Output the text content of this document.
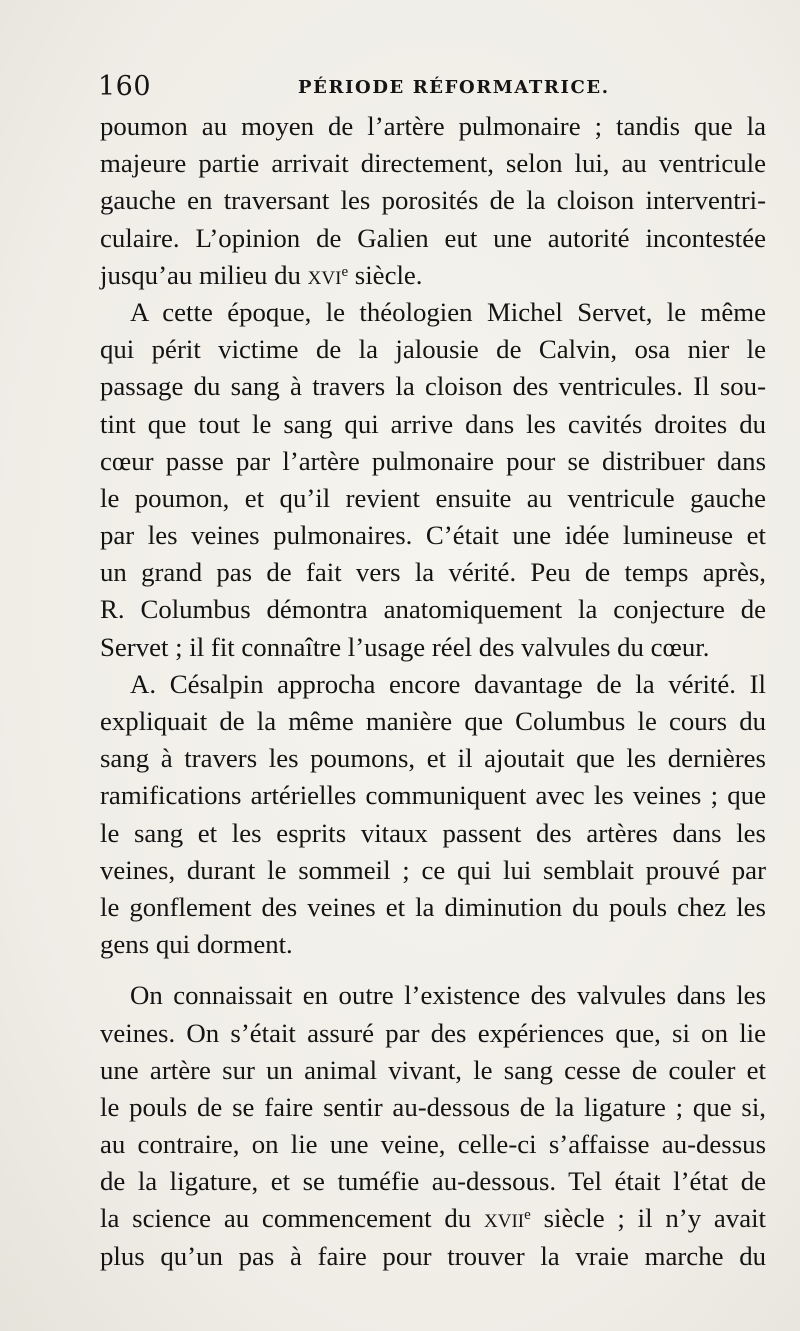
160	PÉRIODE RÉFORMATRICE.
poumon au moyen de l’artère pulmonaire ; tandis que la
majeure partie arrivait directement, selon lui, au ventricule
gauche en traversant les porosités de la cloison interventri-
culaire. L’opinion de Galien eut une autorité incontestée
jusqu’au milieu du xvi$^e$ siècle.
A cette époque, le théologien Michel Servet, le même
qui périt victime de la jalousie de Calvin, osa nier le
passage du sang à travers la cloison des ventricules. Il sou-
tint que tout le sang qui arrive dans les cavités droites du
cœur passe par l’artère pulmonaire pour se distribuer dans
le poumon, et qu’il revient ensuite au ventricule gauche
par les veines pulmonaires. C’était une idée lumineuse et
un grand pas de fait vers la vérité. Peu de temps après,
R. Columbus démontra anatomiquement la conjecture de
Servet ; il fit connaître l’usage réel des valvules du cœur.
A. Césalpin approcha encore davantage de la vérité. Il
expliquait de la même manière que Columbus le cours du
sang à travers les poumons, et il ajoutait que les dernières
ramifications artérielles communiquent avec les veines ; que
le sang et les esprits vitaux passent des artères dans les
veines, durant le sommeil ; ce qui lui semblait prouvé par
le gonflement des veines et la diminution du pouls chez les
gens qui dorment.
On connaissait en outre l’existence des valvules dans les
veines. On s’était assuré par des expériences que, si on lie
une artère sur un animal vivant, le sang cesse de couler et
le pouls de se faire sentir au-dessous de la ligature ; que si,
au contraire, on lie une veine, celle-ci s’affaisse au-dessus
de la ligature, et se tuméfie au-dessous. Tel était l’état de
la science au commencement du xvii$^e$ siècle ; il n’y avait
plus qu’un pas à faire pour trouver la vraie marche du
